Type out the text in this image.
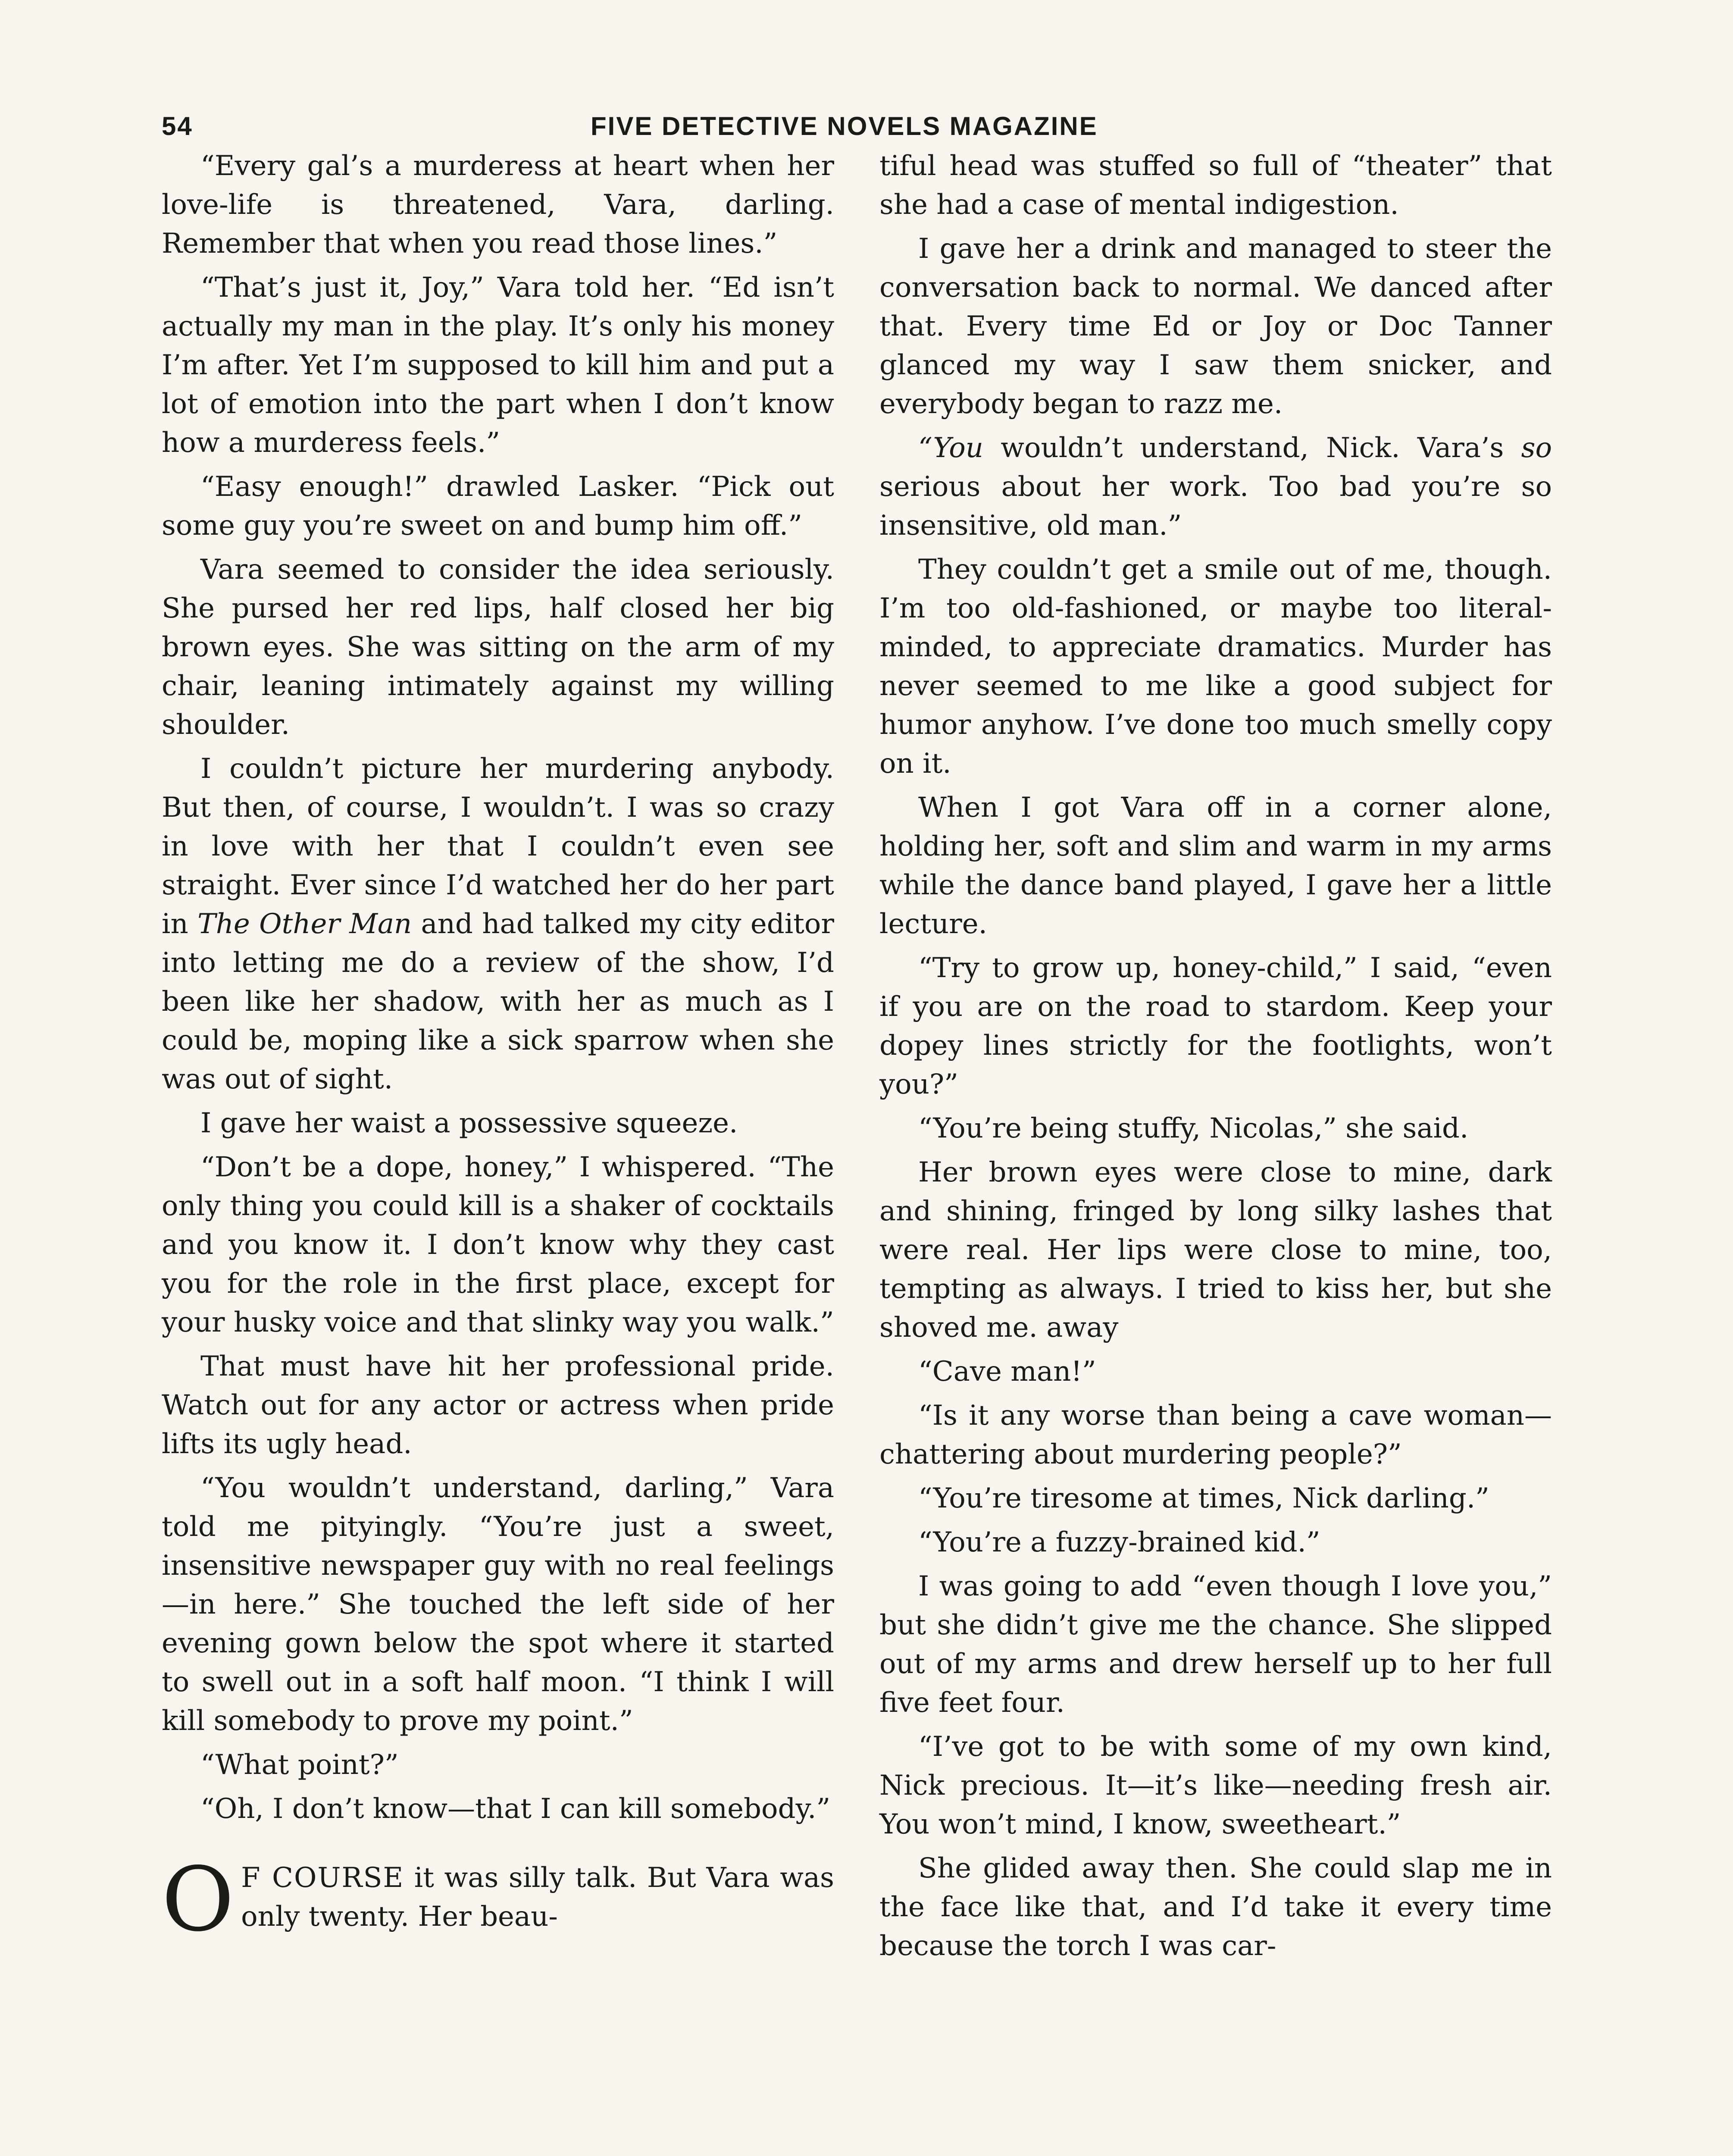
54	FIVE DETECTIVE NOVELS MAGAZINE

“Every gal’s a murderess at heart when her love-life is threatened, Vara, darling. Remember that when you read those lines.”

“That’s just it, Joy,” Vara told her. “Ed isn’t actually my man in the play. It’s only his money I’m after. Yet I’m supposed to kill him and put a lot of emotion into the part when I don’t know how a murderess feels.”

“Easy enough!” drawled Lasker. “Pick out some guy you’re sweet on and bump him off.”

Vara seemed to consider the idea seriously. She pursed her red lips, half closed her big brown eyes. She was sitting on the arm of my chair, leaning intimately against my willing shoulder.

I couldn’t picture her murdering anybody. But then, of course, I wouldn’t. I was so crazy in love with her that I couldn’t even see straight. Ever since I’d watched her do her part in The Other Man and had talked my city editor into letting me do a review of the show, I’d been like her shadow, with her as much as I could be, moping like a sick sparrow when she was out of sight.

I gave her waist a possessive squeeze.

“Don’t be a dope, honey,” I whispered. “The only thing you could kill is a shaker of cocktails and you know it. I don’t know why they cast you for the role in the first place, except for your husky voice and that slinky way you walk.”

That must have hit her professional pride. Watch out for any actor or actress when pride lifts its ugly head.

“You wouldn’t understand, darling,” Vara told me pityingly. “You’re just a sweet, insensitive newspaper guy with no real feelings—in here.” She touched the left side of her evening gown below the spot where it started to swell out in a soft half moon. “I think I will kill somebody to prove my point.”

“What point?”

“Oh, I don’t know—that I can kill somebody.”

O F COURSE it was silly talk. But Vara was only twenty. Her beau-

tiful head was stuffed so full of “theater” that she had a case of mental indigestion.

I gave her a drink and managed to steer the conversation back to normal. We danced after that. Every time Ed or Joy or Doc Tanner glanced my way I saw them snicker, and everybody began to razz me.

“You wouldn’t understand, Nick. Vara’s so serious about her work. Too bad you’re so insensitive, old man.”

They couldn’t get a smile out of me, though. I’m too old-fashioned, or maybe too literal-minded, to appreciate dramatics. Murder has never seemed to me like a good subject for humor anyhow. I’ve done too much smelly copy on it.

When I got Vara off in a corner alone, holding her, soft and slim and warm in my arms while the dance band played, I gave her a little lecture.

“Try to grow up, honey-child,” I said, “even if you are on the road to stardom. Keep your dopey lines strictly for the footlights, won’t you?”

“You’re being stuffy, Nicolas,” she said.

Her brown eyes were close to mine, dark and shining, fringed by long silky lashes that were real. Her lips were close to mine, too, tempting as always. I tried to kiss her, but she shoved me. away

“Cave man!”

“Is it any worse than being a cave woman—chattering about murdering people?”

“You’re tiresome at times, Nick darling.”

“You’re a fuzzy-brained kid.”

I was going to add “even though I love you,” but she didn’t give me the chance. She slipped out of my arms and drew herself up to her full five feet four.

“I’ve got to be with some of my own kind, Nick precious. It—it’s like—needing fresh air. You won’t mind, I know, sweetheart.”

She glided away then. She could slap me in the face like that, and I’d take it every time because the torch I was car-
